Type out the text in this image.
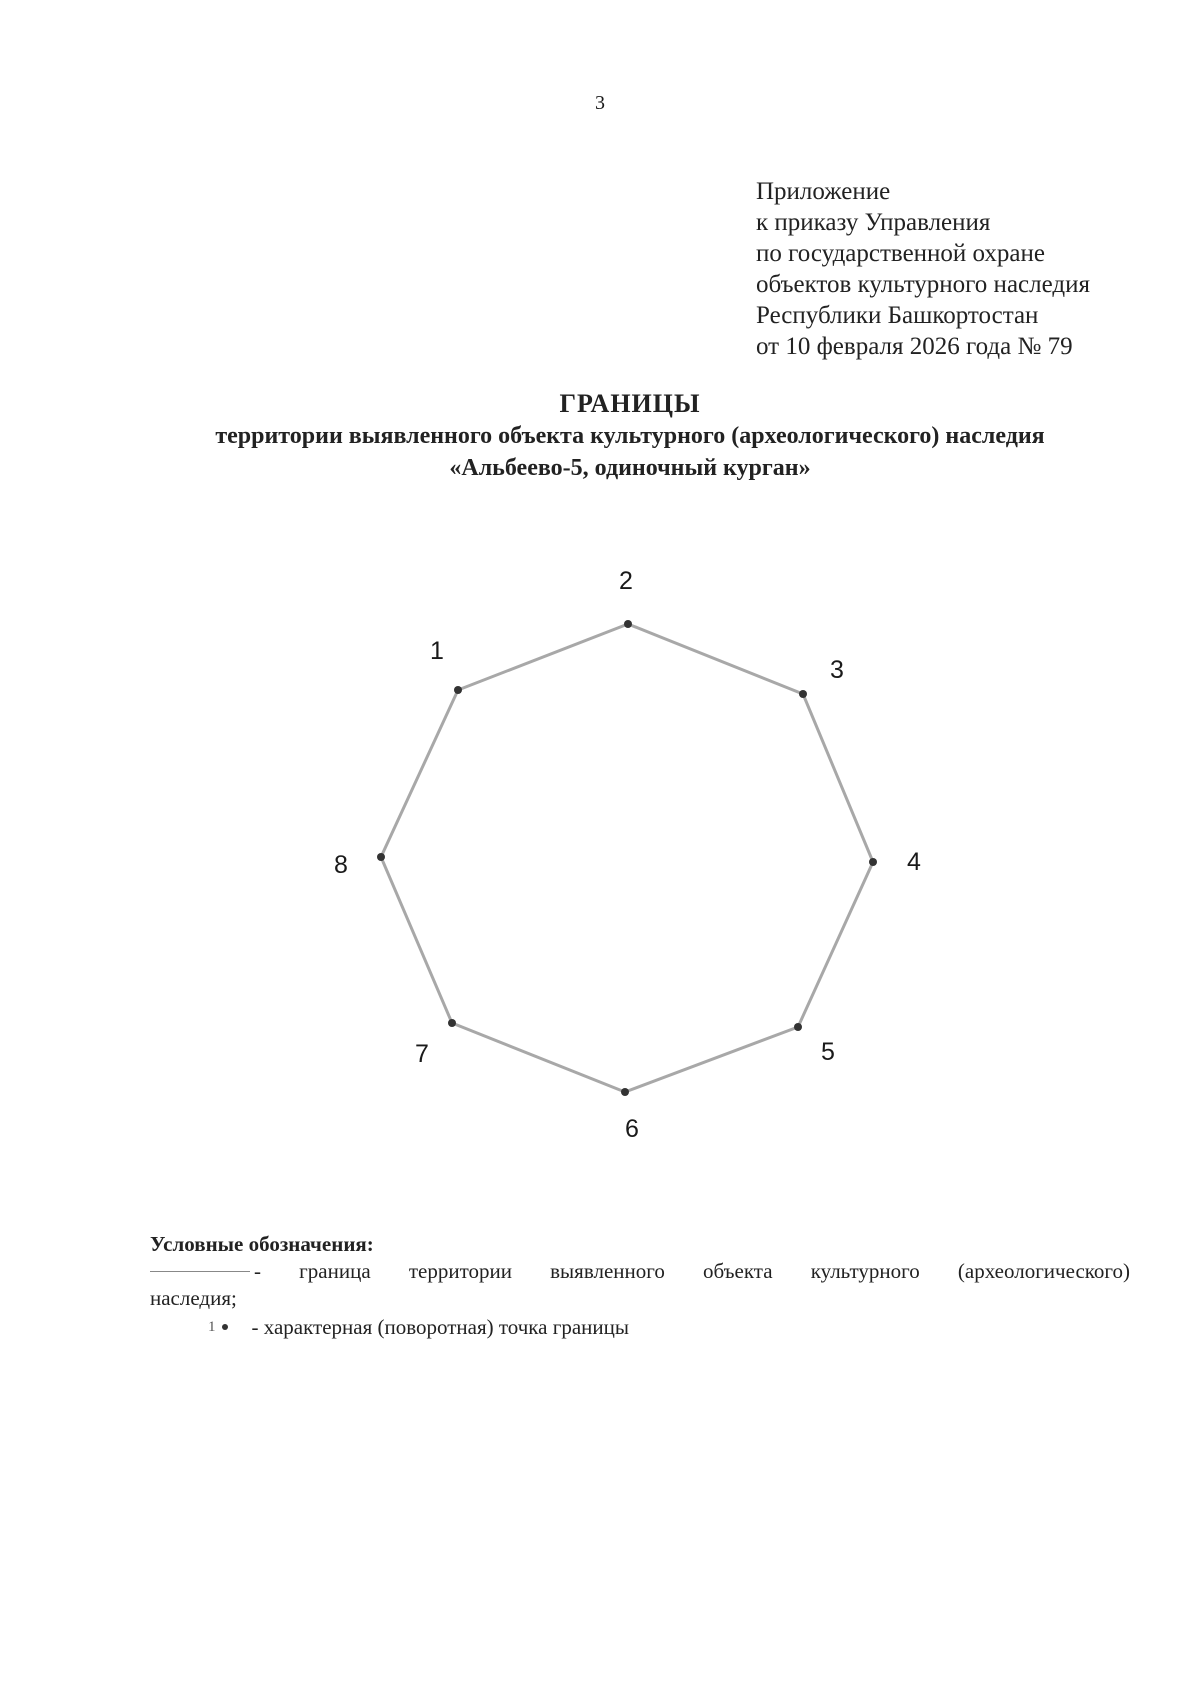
3
Приложение
к приказу Управления
по государственной охране
объектов культурного наследия
Республики Башкортостан
от 10 февраля 2026 года № 79
ГРАНИЦЫ
территории выявленного объекта культурного (археологического) наследия
«Альбеево-5, одиночный курган»
1
2
3
4
5
6
7
8
Условные обозначения:
- граница территории выявленного объекта культурного (археологического)
наследия;
1 - характерная (поворотная) точка границы
